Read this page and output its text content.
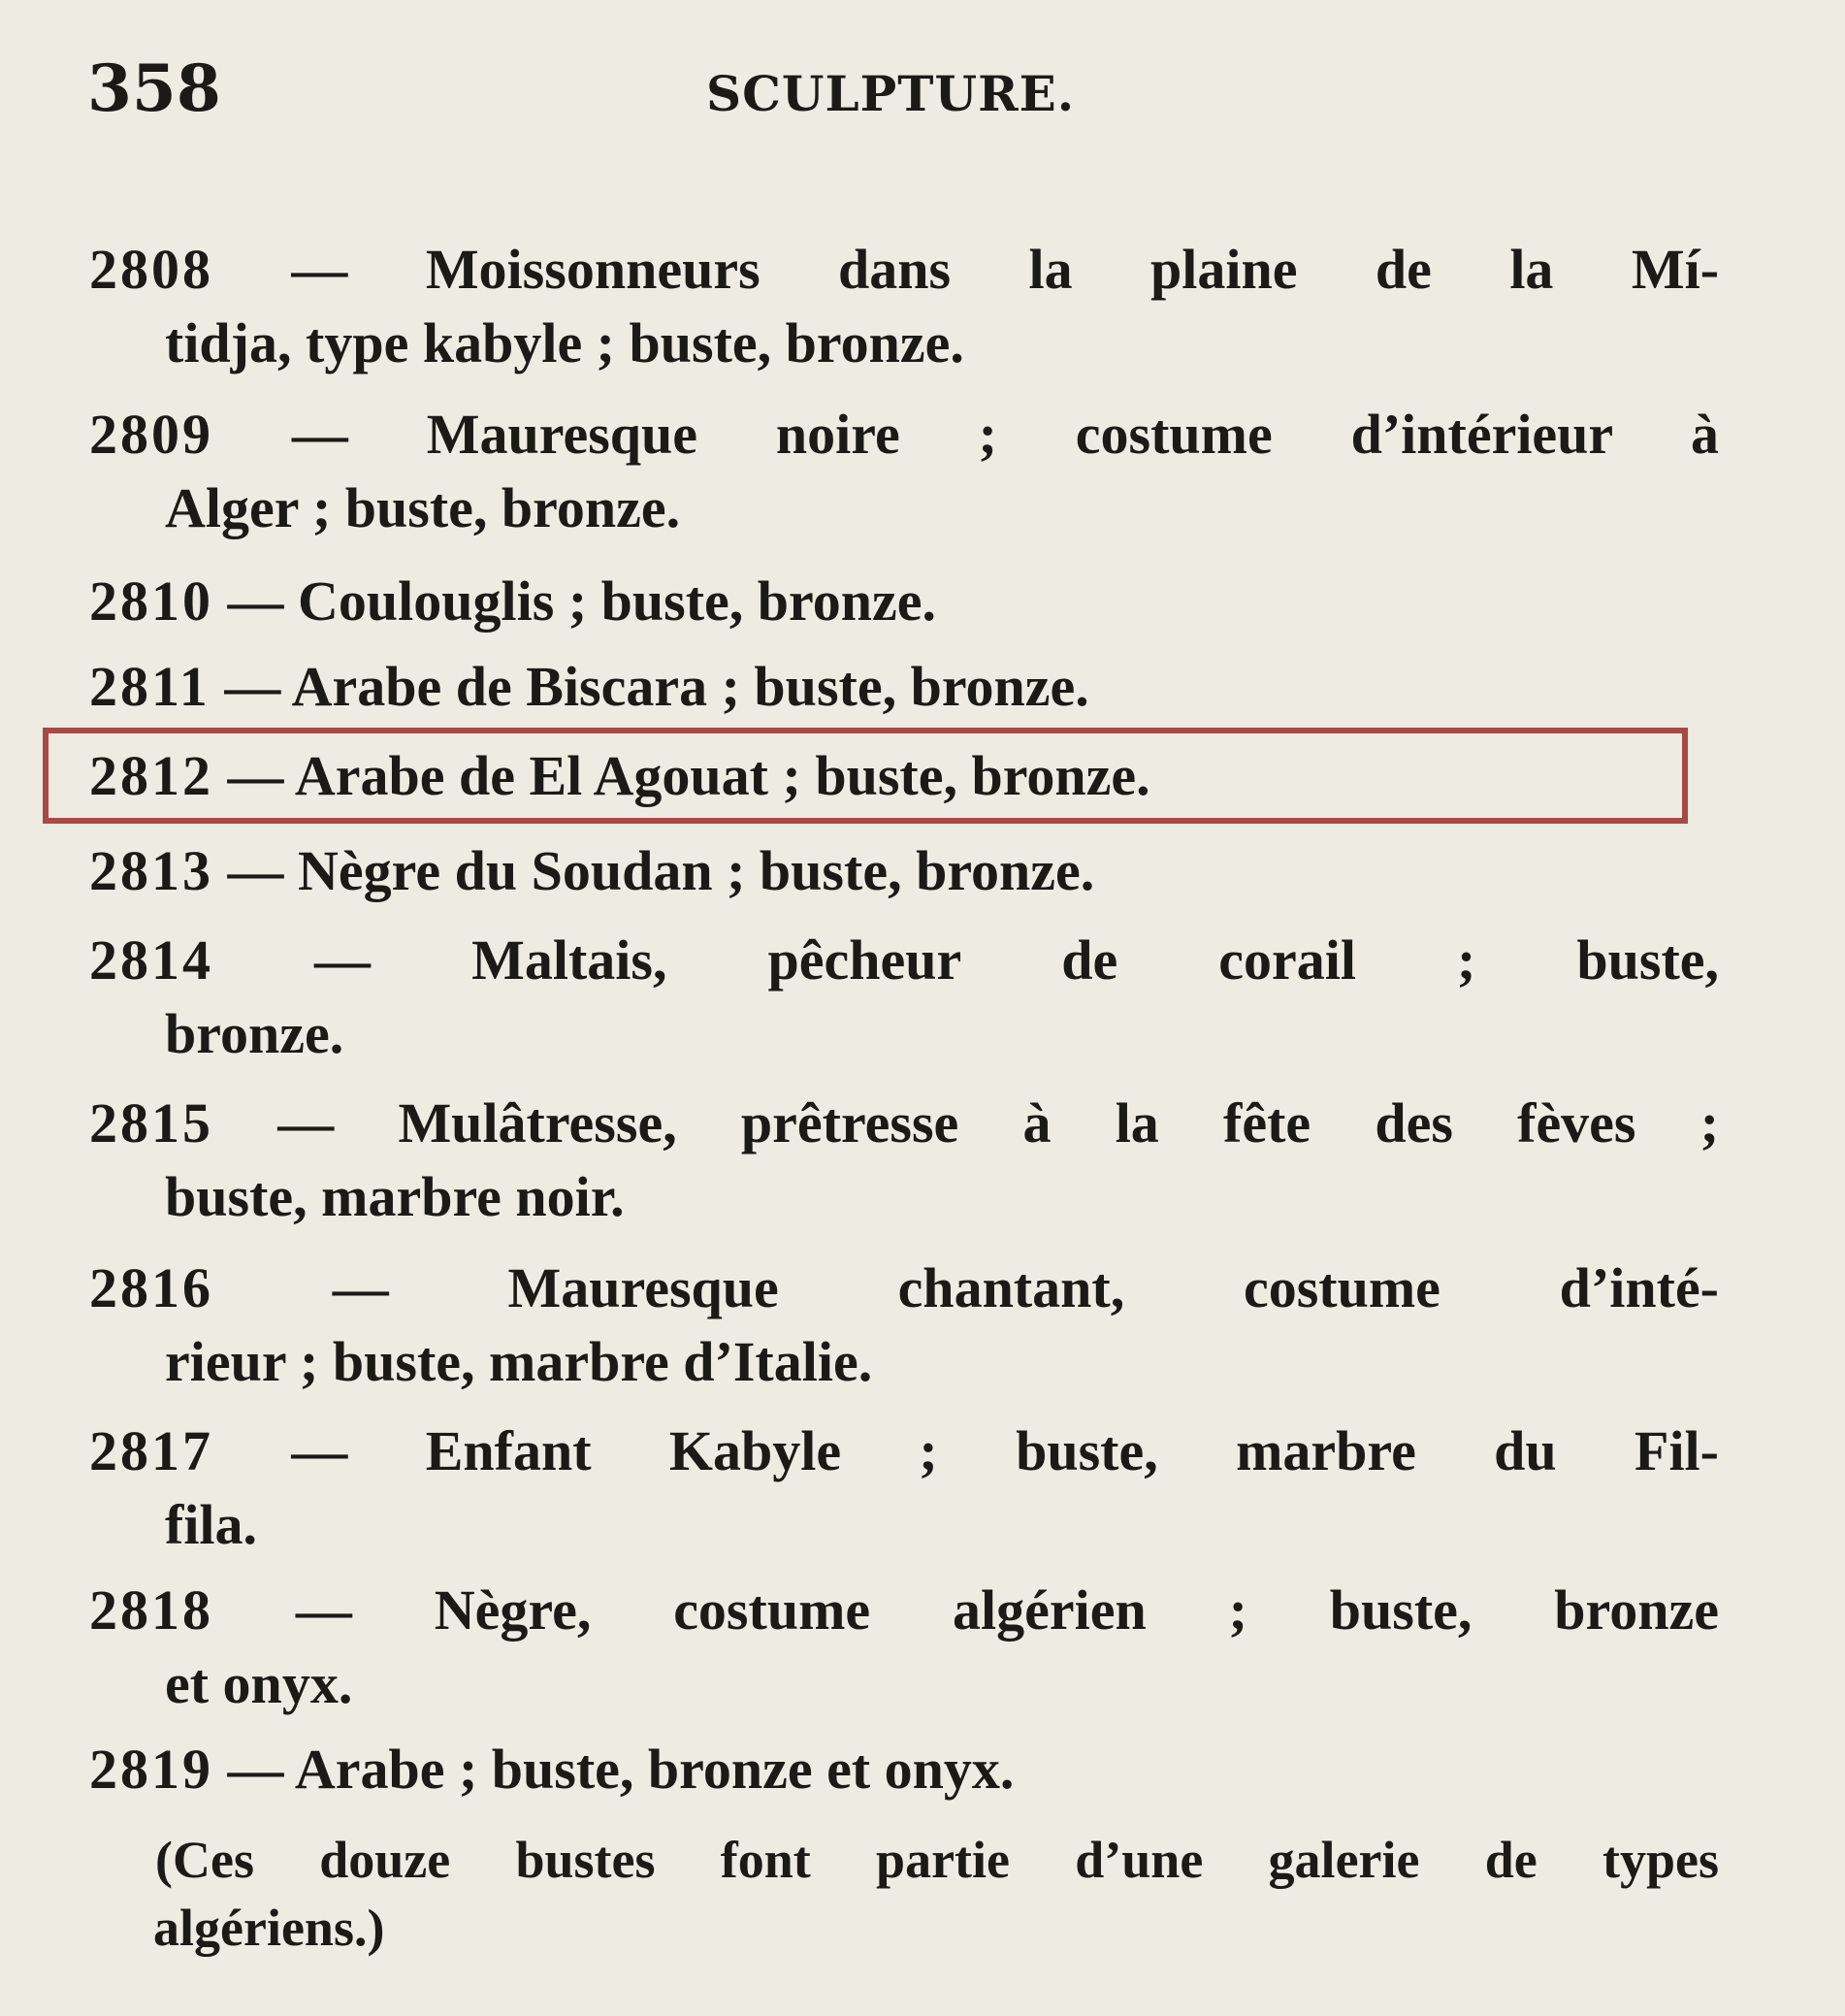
358	SCULPTURE.
2808 — Moissonneurs dans la plaine de la Mí-
tidja, type kabyle ; buste, bronze.
2809 — Mauresque noire ; costume d’intérieur à
Alger ; buste, bronze.
2810 — Coulouglis ; buste, bronze.
2811 — Arabe de Biscara ; buste, bronze.
2812 — Arabe de El Agouat ; buste, bronze.
2813 — Nègre du Soudan ; buste, bronze.
2814 — Maltais, pêcheur de corail ; buste,
bronze.
2815 — Mulâtresse, prêtresse à la fête des fèves ;
buste, marbre noir.
2816 — Mauresque chantant, costume d’inté-
rieur ; buste, marbre d’Italie.
2817 — Enfant Kabyle ; buste, marbre du Fil-
fila.
2818 — Nègre, costume algérien ; buste, bronze
et onyx.
2819 — Arabe ; buste, bronze et onyx.
(Ces douze bustes font partie d’une galerie de types
algériens.)
